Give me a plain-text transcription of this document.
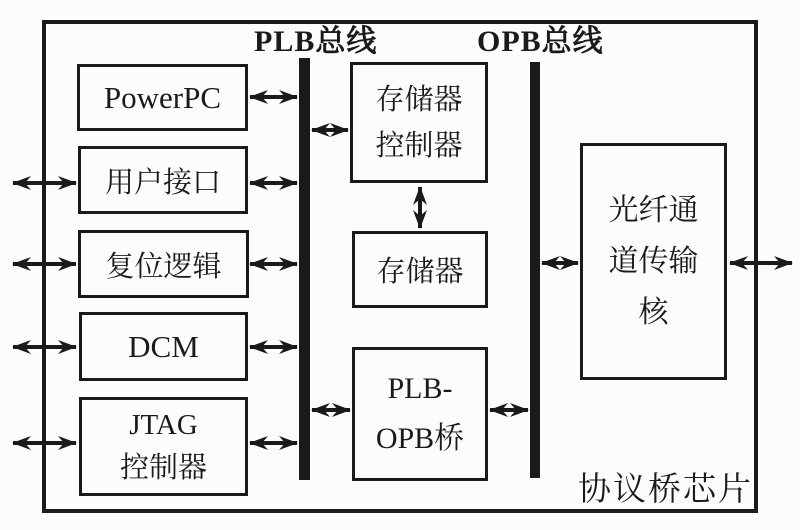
PLB总线	OPB总线
PowerPC
用户接口
复位逻辑
DCM
JTAG
控制器
存储器
控制器
存储器
PLB-
OPB桥
光纤通
道传输
核
协议桥芯片
